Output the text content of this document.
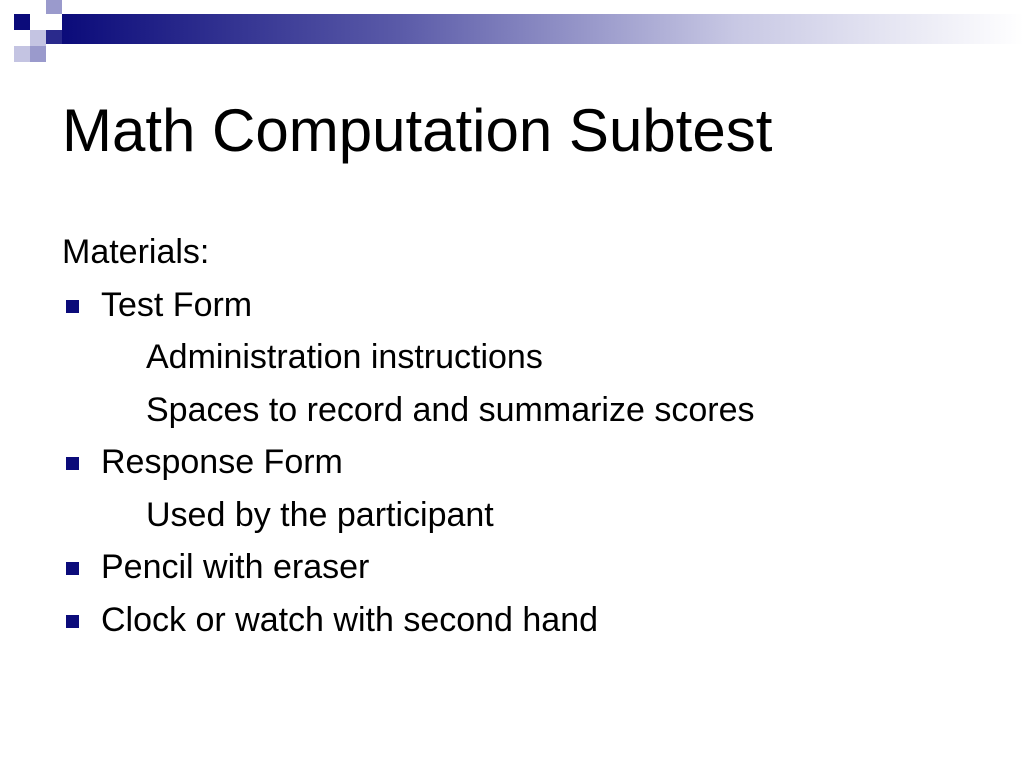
Math Computation Subtest
Materials:
Test Form
Administration instructions
Spaces to record and summarize scores
Response Form
Used by the participant
Pencil with eraser
Clock or watch with second hand
